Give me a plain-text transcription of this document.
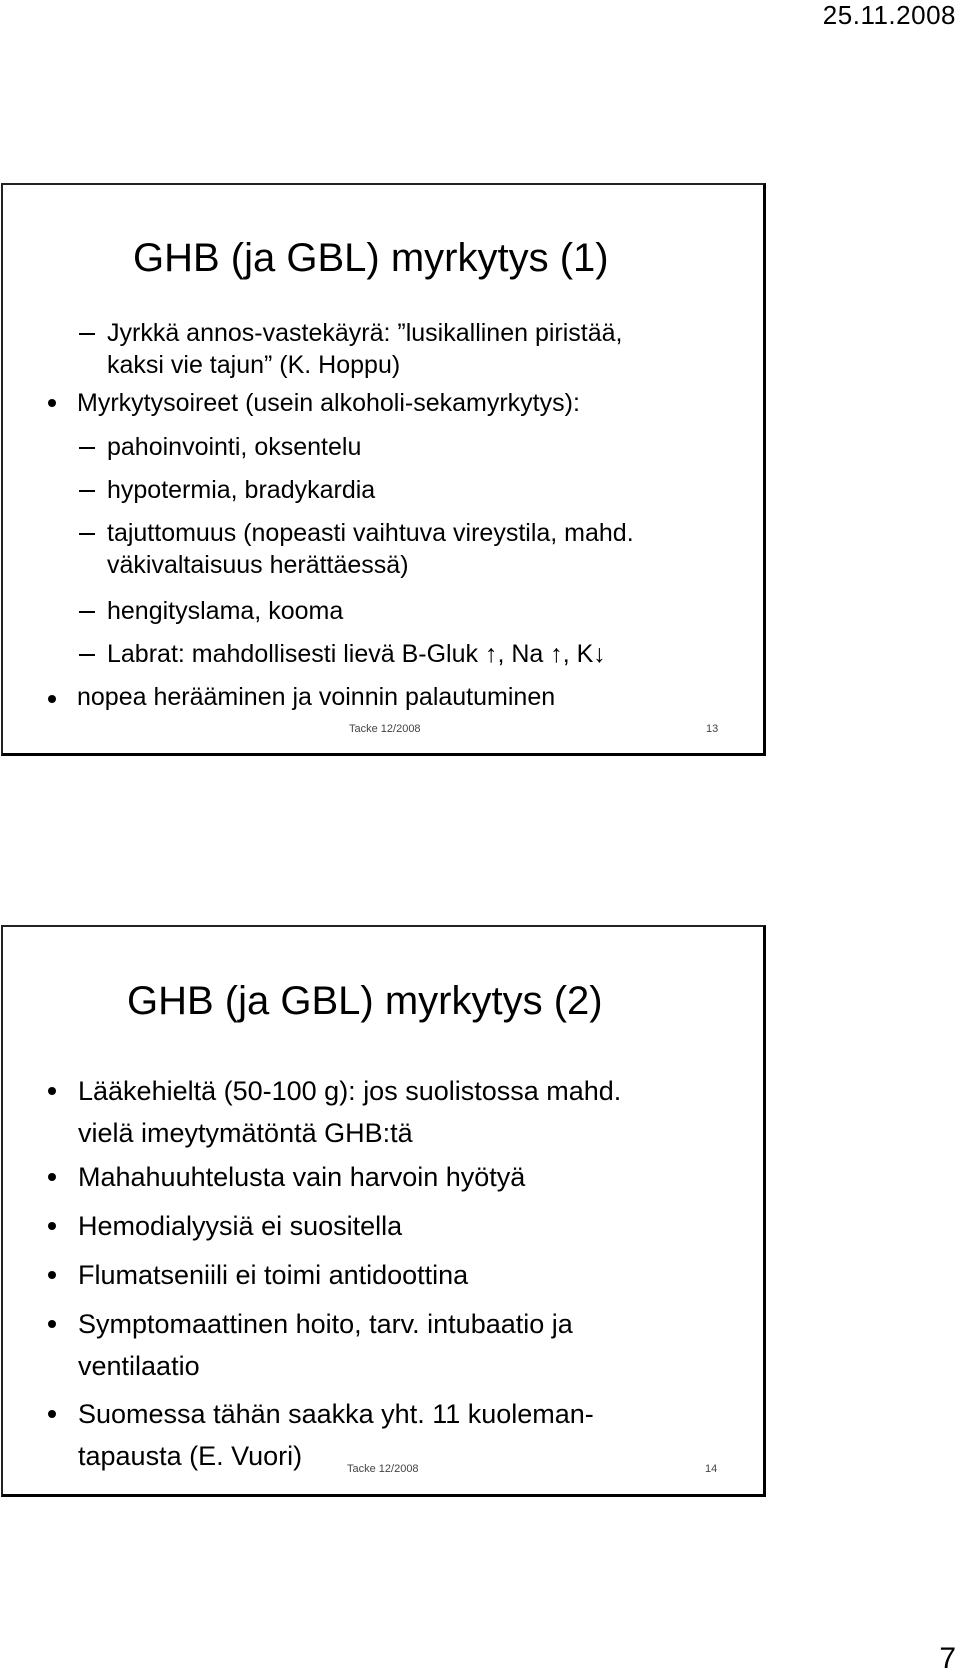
25.11.2008
GHB (ja GBL) myrkytys (1)
Jyrkkä annos-vastekäyrä: ”lusikallinen piristää,
kaksi vie tajun” (K. Hoppu)
Myrkytysoireet (usein alkoholi-sekamyrkytys):
pahoinvointi, oksentelu
hypotermia, bradykardia
tajuttomuus (nopeasti vaihtuva vireystila, mahd.
väkivaltaisuus herättäessä)
hengityslama, kooma
Labrat: mahdollisesti lievä B-Gluk ↑, Na ↑, K↓
nopea herääminen ja voinnin palautuminen
Tacke 12/2008	13
GHB (ja GBL) myrkytys (2)
Lääkehieltä (50-100 g): jos suolistossa mahd.
vielä imeytymätöntä GHB:tä
Mahahuuhtelusta vain harvoin hyötyä
Hemodialyysiä ei suositella
Flumatseniili ei toimi antidoottina
Symptomaattinen hoito, tarv. intubaatio ja
ventilaatio
Suomessa tähän saakka yht. 11 kuoleman-
tapausta (E. Vuori)	Tacke 12/2008	14
7
